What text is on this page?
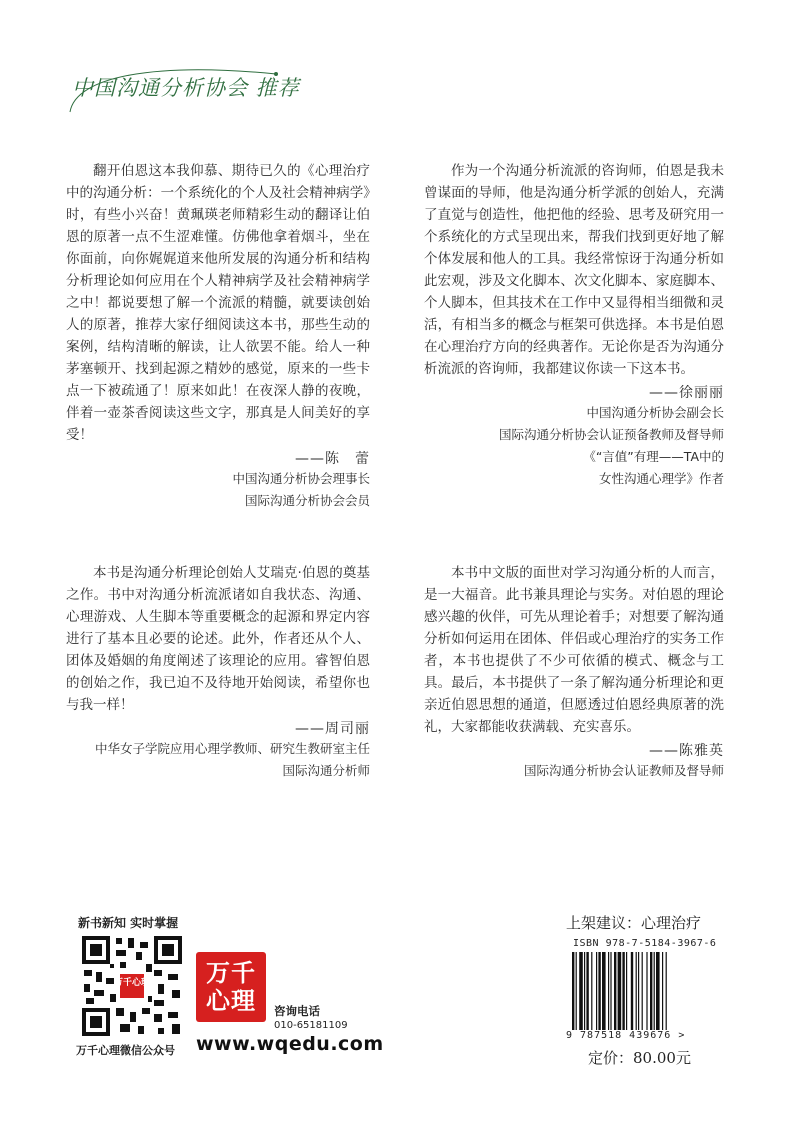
中国沟通分析协会 推荐

翻开伯恩这本我仰慕、期待已久的《心理治疗中的沟通分析：一个系统化的个人及社会精神病学》时，有些小兴奋！黄珮瑛老师精彩生动的翻译让伯恩的原著一点不生涩难懂。仿佛他拿着烟斗，坐在你面前，向你娓娓道来他所发展的沟通分析和结构分析理论如何应用在个人精神病学及社会精神病学之中！都说要想了解一个流派的精髓，就要读创始人的原著，推荐大家仔细阅读这本书，那些生动的案例，结构清晰的解读，让人欲罢不能。给人一种茅塞顿开、找到起源之精妙的感觉，原来的一些卡点一下被疏通了！原来如此！在夜深人静的夜晚，伴着一壶茶香阅读这些文字，那真是人间美好的享受！

——陈　蕾

中国沟通分析协会理事长

国际沟通分析协会会员

作为一个沟通分析流派的咨询师，伯恩是我未曾谋面的导师，他是沟通分析学派的创始人，充满了直觉与创造性，他把他的经验、思考及研究用一个系统化的方式呈现出来，帮我们找到更好地了解个体发展和他人的工具。我经常惊讶于沟通分析如此宏观，涉及文化脚本、次文化脚本、家庭脚本、个人脚本，但其技术在工作中又显得相当细微和灵活，有相当多的概念与框架可供选择。本书是伯恩在心理治疗方向的经典著作。无论你是否为沟通分析流派的咨询师，我都建议你读一下这本书。

——徐丽丽

中国沟通分析协会副会长

国际沟通分析协会认证预备教师及督导师

《“言值”有理——TA中的

女性沟通心理学》作者

本书是沟通分析理论创始人艾瑞克·伯恩的奠基之作。书中对沟通分析流派诸如自我状态、沟通、心理游戏、人生脚本等重要概念的起源和界定内容进行了基本且必要的论述。此外，作者还从个人、团体及婚姻的角度阐述了该理论的应用。睿智伯恩的创始之作，我已迫不及待地开始阅读，希望你也与我一样！

——周司丽

中华女子学院应用心理学教师、研究生教研室主任

国际沟通分析师

本书中文版的面世对学习沟通分析的人而言，是一大福音。此书兼具理论与实务。对伯恩的理论感兴趣的伙伴，可先从理论着手；对想要了解沟通分析如何运用在团体、伴侣或心理治疗的实务工作者，本书也提供了不少可依循的模式、概念与工具。最后，本书提供了一条了解沟通分析理论和更亲近伯恩思想的通道，但愿透过伯恩经典原著的洗礼，大家都能收获满载、充实喜乐。

——陈雅英

国际沟通分析协会认证教师及督导师

新书新知 实时掌握
万千心理
万千心理微信公众号
万千
心理 咨询电话
010-65181109
www.wqedu.com
上架建议：心理治疗
ISBN 978-7-5184-3967-6
9 787518 439676 >
定价：80.00元
